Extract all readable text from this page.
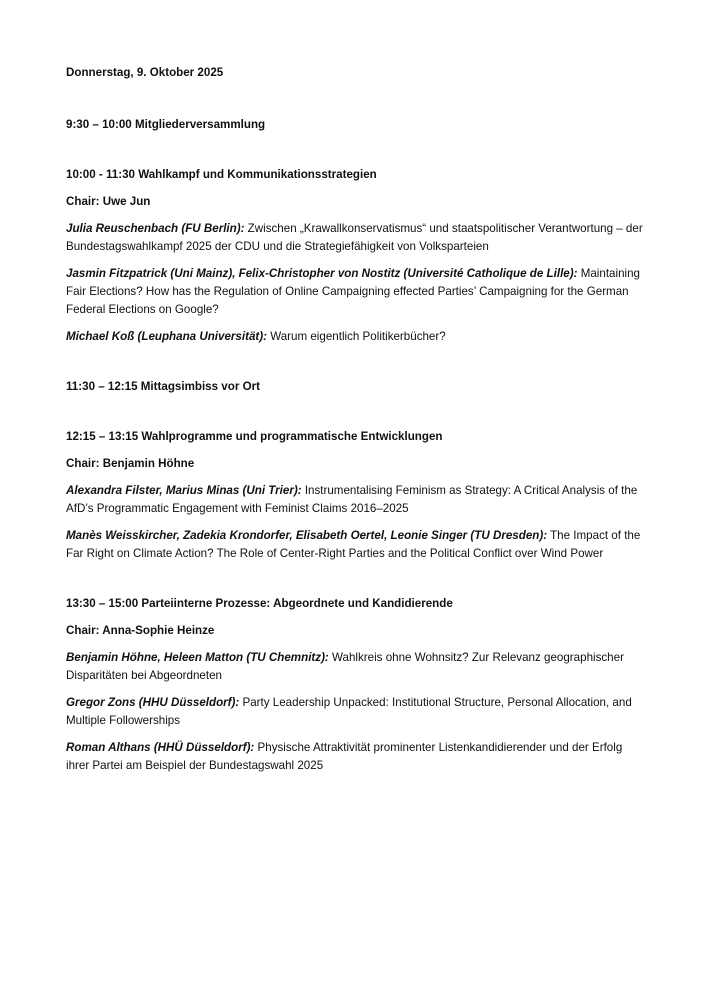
Donnerstag, 9. Oktober 2025

9:30 – 10:00 Mitgliederversammlung

10:00 - 11:30 Wahlkampf und Kommunikationsstrategien

Chair: Uwe Jun

Julia Reuschenbach (FU Berlin): Zwischen „Krawallkonservatismus“ und staatspolitischer Verantwortung – der Bundestagswahlkampf 2025 der CDU und die Strategiefähigkeit von Volksparteien

Jasmin Fitzpatrick (Uni Mainz), Felix-Christopher von Nostitz (Université Catholique de Lille): Maintaining Fair Elections? How has the Regulation of Online Campaigning effected Parties’ Campaigning for the German Federal Elections on Google?

Michael Koß (Leuphana Universität): Warum eigentlich Politikerbücher?

11:30 – 12:15 Mittagsimbiss vor Ort

12:15 – 13:15 Wahlprogramme und programmatische Entwicklungen

Chair: Benjamin Höhne

Alexandra Filster, Marius Minas (Uni Trier): Instrumentalising Feminism as Strategy: A Critical Analysis of the AfD’s Programmatic Engagement with Feminist Claims 2016–2025

Manès Weisskircher, Zadekia Krondorfer, Elisabeth Oertel, Leonie Singer (TU Dresden): The Impact of the Far Right on Climate Action? The Role of Center-Right Parties and the Political Conflict over Wind Power

13:30 – 15:00 Parteiinterne Prozesse: Abgeordnete und Kandidierende

Chair: Anna-Sophie Heinze

Benjamin Höhne, Heleen Matton (TU Chemnitz): Wahlkreis ohne Wohnsitz? Zur Relevanz geographischer Disparitäten bei Abgeordneten

Gregor Zons (HHU Düsseldorf): Party Leadership Unpacked: Institutional Structure, Personal Allocation, and Multiple Followerships

Roman Althans (HHÜ Düsseldorf): Physische Attraktivität prominenter Listenkandidierender und der Erfolg ihrer Partei am Beispiel der Bundestagswahl 2025
